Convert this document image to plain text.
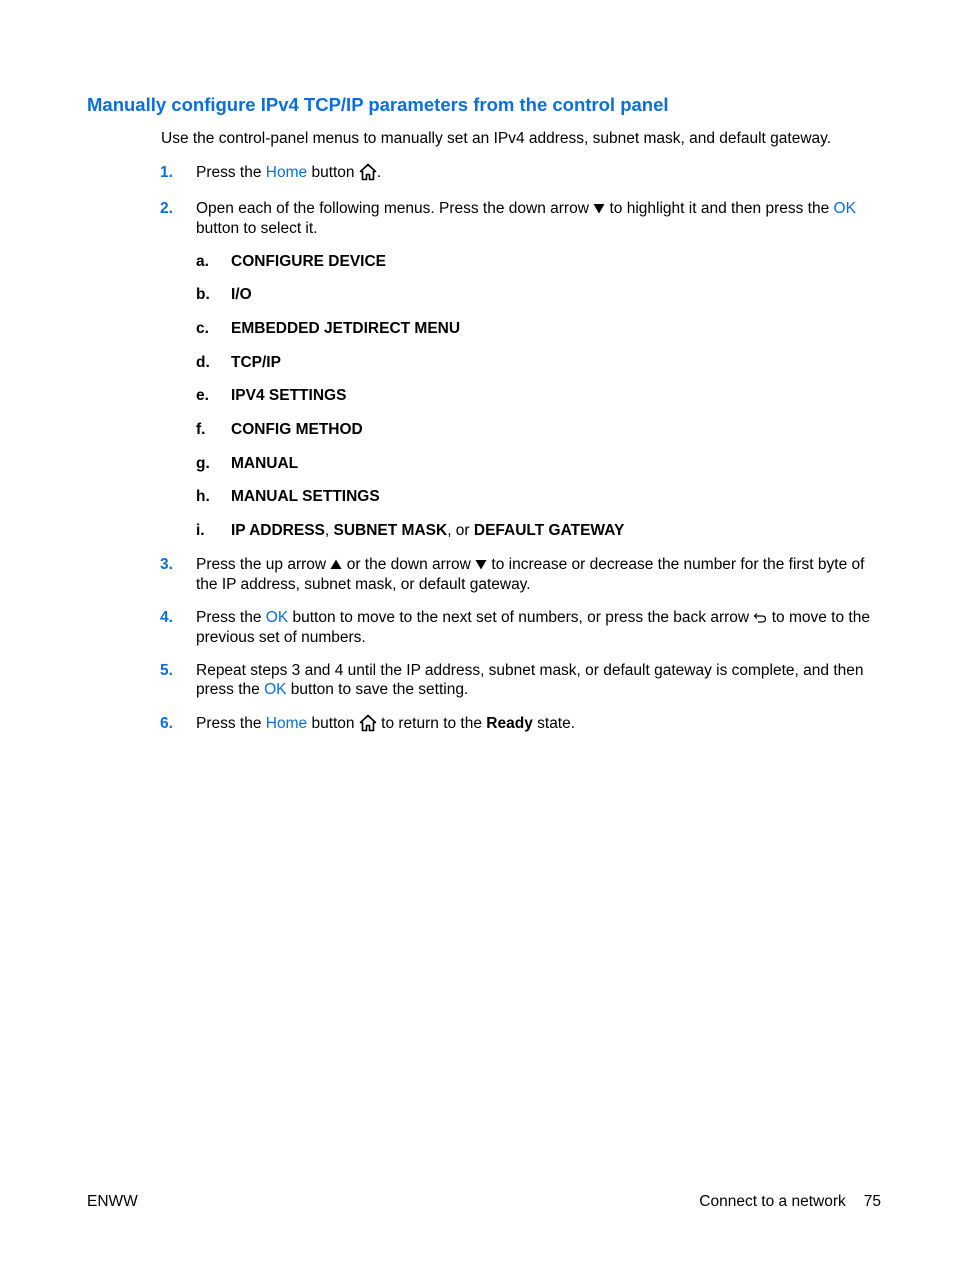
Manually configure IPv4 TCP/IP parameters from the control panel

Use the control-panel menus to manually set an IPv4 address, subnet mask, and default gateway.

1. Press the Home button .
2. Open each of the following menus. Press the down arrow  to highlight it and then press the OK button to select it.
a. CONFIGURE DEVICE
b. I/O
c. EMBEDDED JETDIRECT MENU
d. TCP/IP
e. IPV4 SETTINGS
f. CONFIG METHOD
g. MANUAL
h. MANUAL SETTINGS
i. IP ADDRESS, SUBNET MASK, or DEFAULT GATEWAY
3. Press the up arrow  or the down arrow  to increase or decrease the number for the first byte of the IP address, subnet mask, or default gateway.
4. Press the OK button to move to the next set of numbers, or press the back arrow  to move to the previous set of numbers.
5. Repeat steps 3 and 4 until the IP address, subnet mask, or default gateway is complete, and then press the OK button to save the setting.
6. Press the Home button  to return to the Ready state.
ENWW	Connect to a network 75
